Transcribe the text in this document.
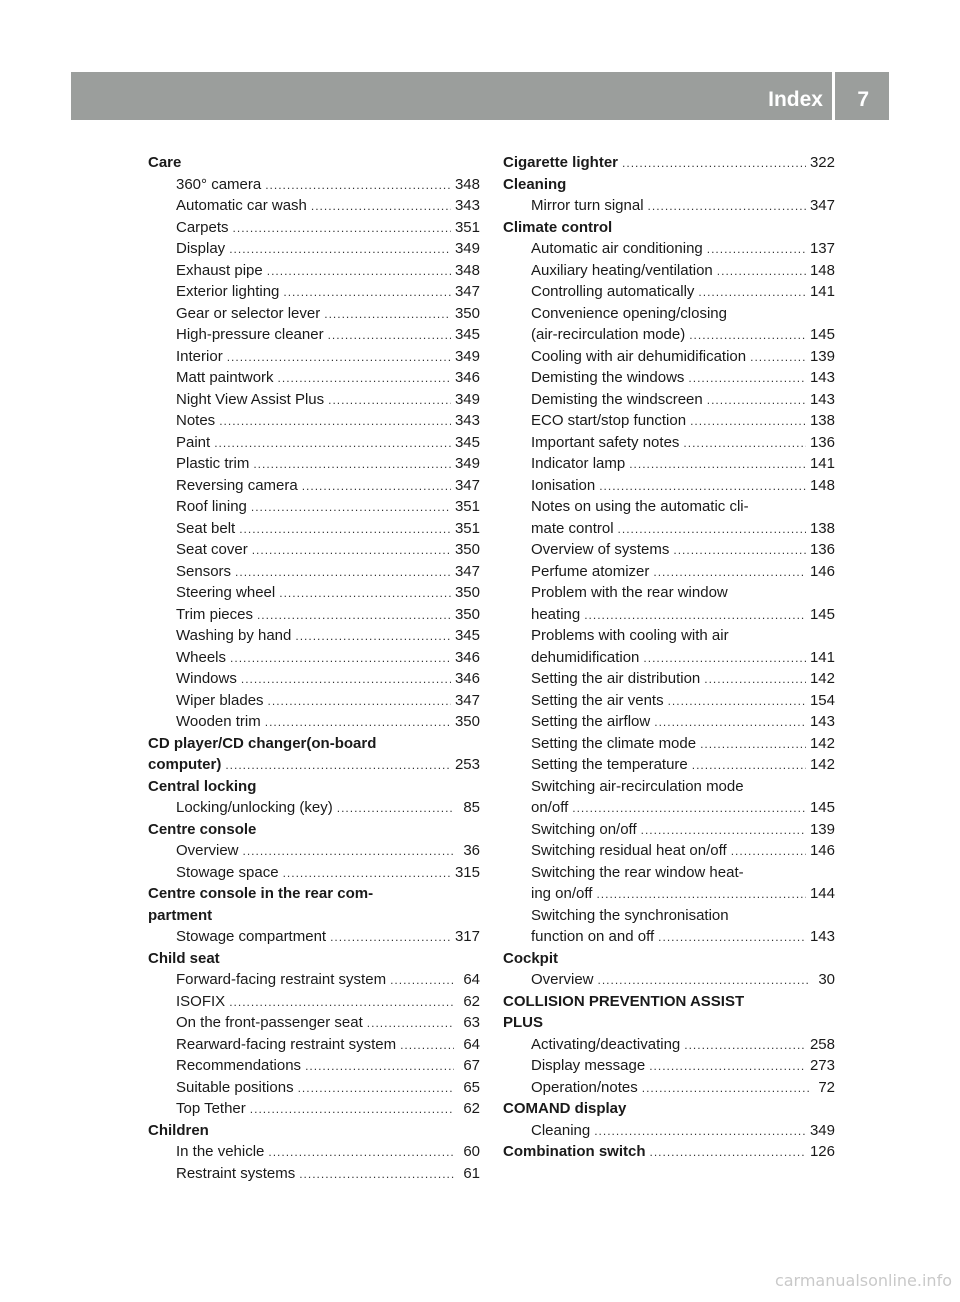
Index 7
Care
360° camera .....	348
Automatic car wash .....	343
Carpets .....	351
Display .....	349
Exhaust pipe .....	348
Exterior lighting .....	347
Gear or selector lever .....	350
High-pressure cleaner .....	345
Interior .....	349
Matt paintwork .....	346
Night View Assist Plus .....	349
Notes .....	343
Paint .....	345
Plastic trim .....	349
Reversing camera .....	347
Roof lining .....	351
Seat belt .....	351
Seat cover .....	350
Sensors .....	347
Steering wheel .....	350
Trim pieces .....	350
Washing by hand .....	345
Wheels .....	346
Windows .....	346
Wiper blades .....	347
Wooden trim .....	350
CD player/CD changer(on-board
computer) .....	253
Central locking
Locking/unlocking (key) .....	85
Centre console
Overview .....	36
Stowage space .....	315
Centre console in the rear com-
partment
Stowage compartment .....	317
Child seat
Forward-facing restraint system .....	64
ISOFIX .....	62
On the front-passenger seat .....	63
Rearward-facing restraint system .....	64
Recommendations .....	67
Suitable positions .....	65
Top Tether .....	62
Children
In the vehicle .....	60
Restraint systems .....	61
Cigarette lighter .....	322
Cleaning
Mirror turn signal .....	347
Climate control
Automatic air conditioning .....	137
Auxiliary heating/ventilation .....	148
Controlling automatically .....	141
Convenience opening/closing
(air-recirculation mode) .....	145
Cooling with air dehumidification .....	139
Demisting the windows .....	143
Demisting the windscreen .....	143
ECO start/stop function .....	138
Important safety notes .....	136
Indicator lamp .....	141
Ionisation .....	148
Notes on using the automatic cli-
mate control .....	138
Overview of systems .....	136
Perfume atomizer .....	146
Problem with the rear window
heating .....	145
Problems with cooling with air
dehumidification .....	141
Setting the air distribution .....	142
Setting the air vents .....	154
Setting the airflow .....	143
Setting the climate mode .....	142
Setting the temperature .....	142
Switching air-recirculation mode
on/off .....	145
Switching on/off .....	139
Switching residual heat on/off .....	146
Switching the rear window heat-
ing on/off .....	144
Switching the synchronisation
function on and off .....	143
Cockpit
Overview .....	30
COLLISION PREVENTION ASSIST
PLUS
Activating/deactivating .....	258
Display message .....	273
Operation/notes .....	72
COMAND display
Cleaning .....	349
Combination switch .....	126
carmanualsonline.info
